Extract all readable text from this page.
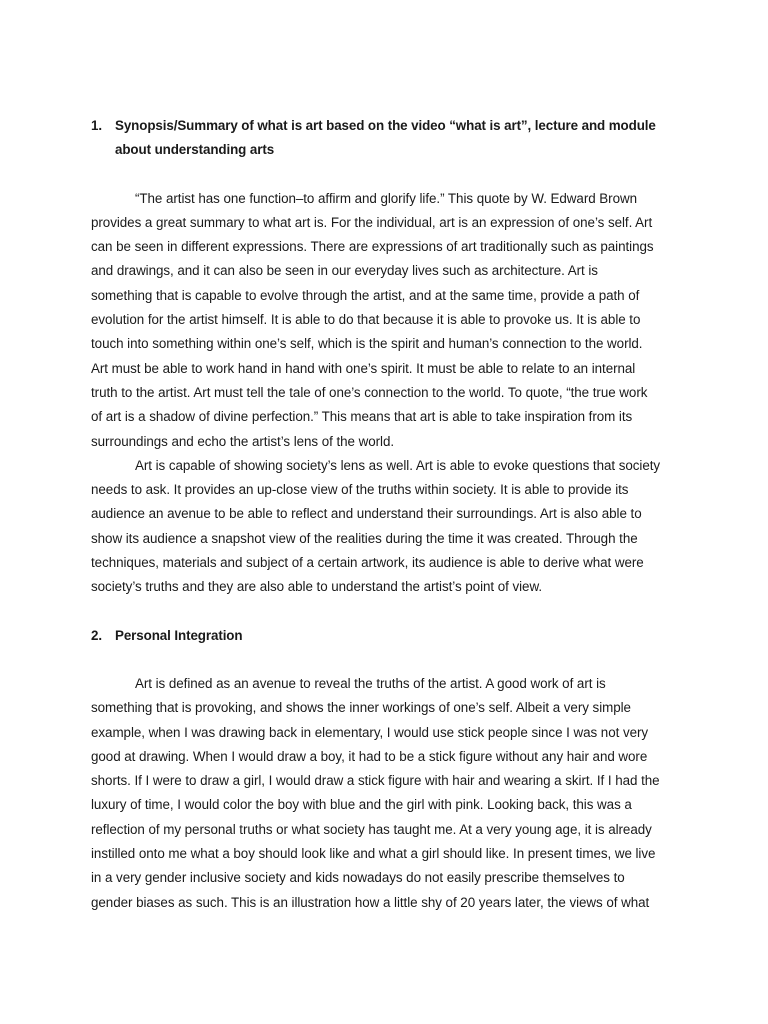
1. Synopsis/Summary of what is art based on the video “what is art”, lecture and module about understanding arts

“The artist has one function–to affirm and glorify life.” This quote by W. Edward Brown provides a great summary to what art is. For the individual, art is an expression of one’s self. Art can be seen in different expressions. There are expressions of art traditionally such as paintings and drawings, and it can also be seen in our everyday lives such as architecture. Art is something that is capable to evolve through the artist, and at the same time, provide a path of evolution for the artist himself. It is able to do that because it is able to provoke us. It is able to touch into something within one’s self, which is the spirit and human’s connection to the world. Art must be able to work hand in hand with one’s spirit. It must be able to relate to an internal truth to the artist. Art must tell the tale of one’s connection to the world. To quote, “the true work of art is a shadow of divine perfection.” This means that art is able to take inspiration from its surroundings and echo the artist’s lens of the world.

Art is capable of showing society’s lens as well. Art is able to evoke questions that society needs to ask. It provides an up-close view of the truths within society. It is able to provide its audience an avenue to be able to reflect and understand their surroundings. Art is also able to show its audience a snapshot view of the realities during the time it was created. Through the techniques, materials and subject of a certain artwork, its audience is able to derive what were society’s truths and they are also able to understand the artist’s point of view.

2. Personal Integration

Art is defined as an avenue to reveal the truths of the artist. A good work of art is something that is provoking, and shows the inner workings of one’s self. Albeit a very simple example, when I was drawing back in elementary, I would use stick people since I was not very good at drawing. When I would draw a boy, it had to be a stick figure without any hair and wore shorts. If I were to draw a girl, I would draw a stick figure with hair and wearing a skirt. If I had the luxury of time, I would color the boy with blue and the girl with pink. Looking back, this was a reflection of my personal truths or what society has taught me. At a very young age, it is already instilled onto me what a boy should look like and what a girl should like. In present times, we live in a very gender inclusive society and kids nowadays do not easily prescribe themselves to gender biases as such. This is an illustration how a little shy of 20 years later, the views of what
